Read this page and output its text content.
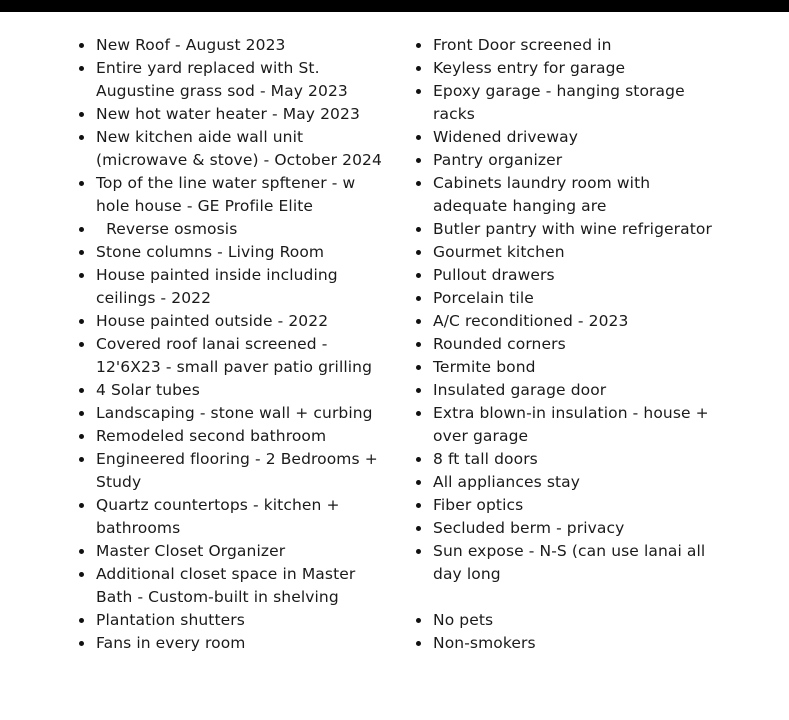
New Roof - August 2023
Entire yard replaced with St. Augustine grass sod - May 2023
New hot water heater - May 2023
New kitchen aide wall unit (microwave & stove) - October 2024
Top of the line water spftener - w hole house - GE Profile Elite
Reverse osmosis
Stone columns - Living Room
House painted inside including ceilings - 2022
House painted outside - 2022
Covered roof lanai screened - 12'6X23 - small paver patio grilling
4 Solar tubes
Landscaping - stone wall + curbing
Remodeled second bathroom
Engineered flooring - 2 Bedrooms + Study
Quartz countertops - kitchen + bathrooms
Master Closet Organizer
Additional closet space in Master Bath - Custom-built in shelving
Plantation shutters
Fans in every room
Front Door screened in
Keyless entry for garage
Epoxy garage - hanging storage racks
Widened driveway
Pantry organizer
Cabinets laundry room with adequate hanging are
Butler pantry with wine refrigerator
Gourmet kitchen
Pullout drawers
Porcelain tile
A/C reconditioned - 2023
Rounded corners
Termite bond
Insulated garage door
Extra blown-in insulation - house + over garage
8 ft tall doors
All appliances stay
Fiber optics
Secluded berm - privacy
Sun expose - N-S (can use lanai all day long
No pets
Non-smokers
